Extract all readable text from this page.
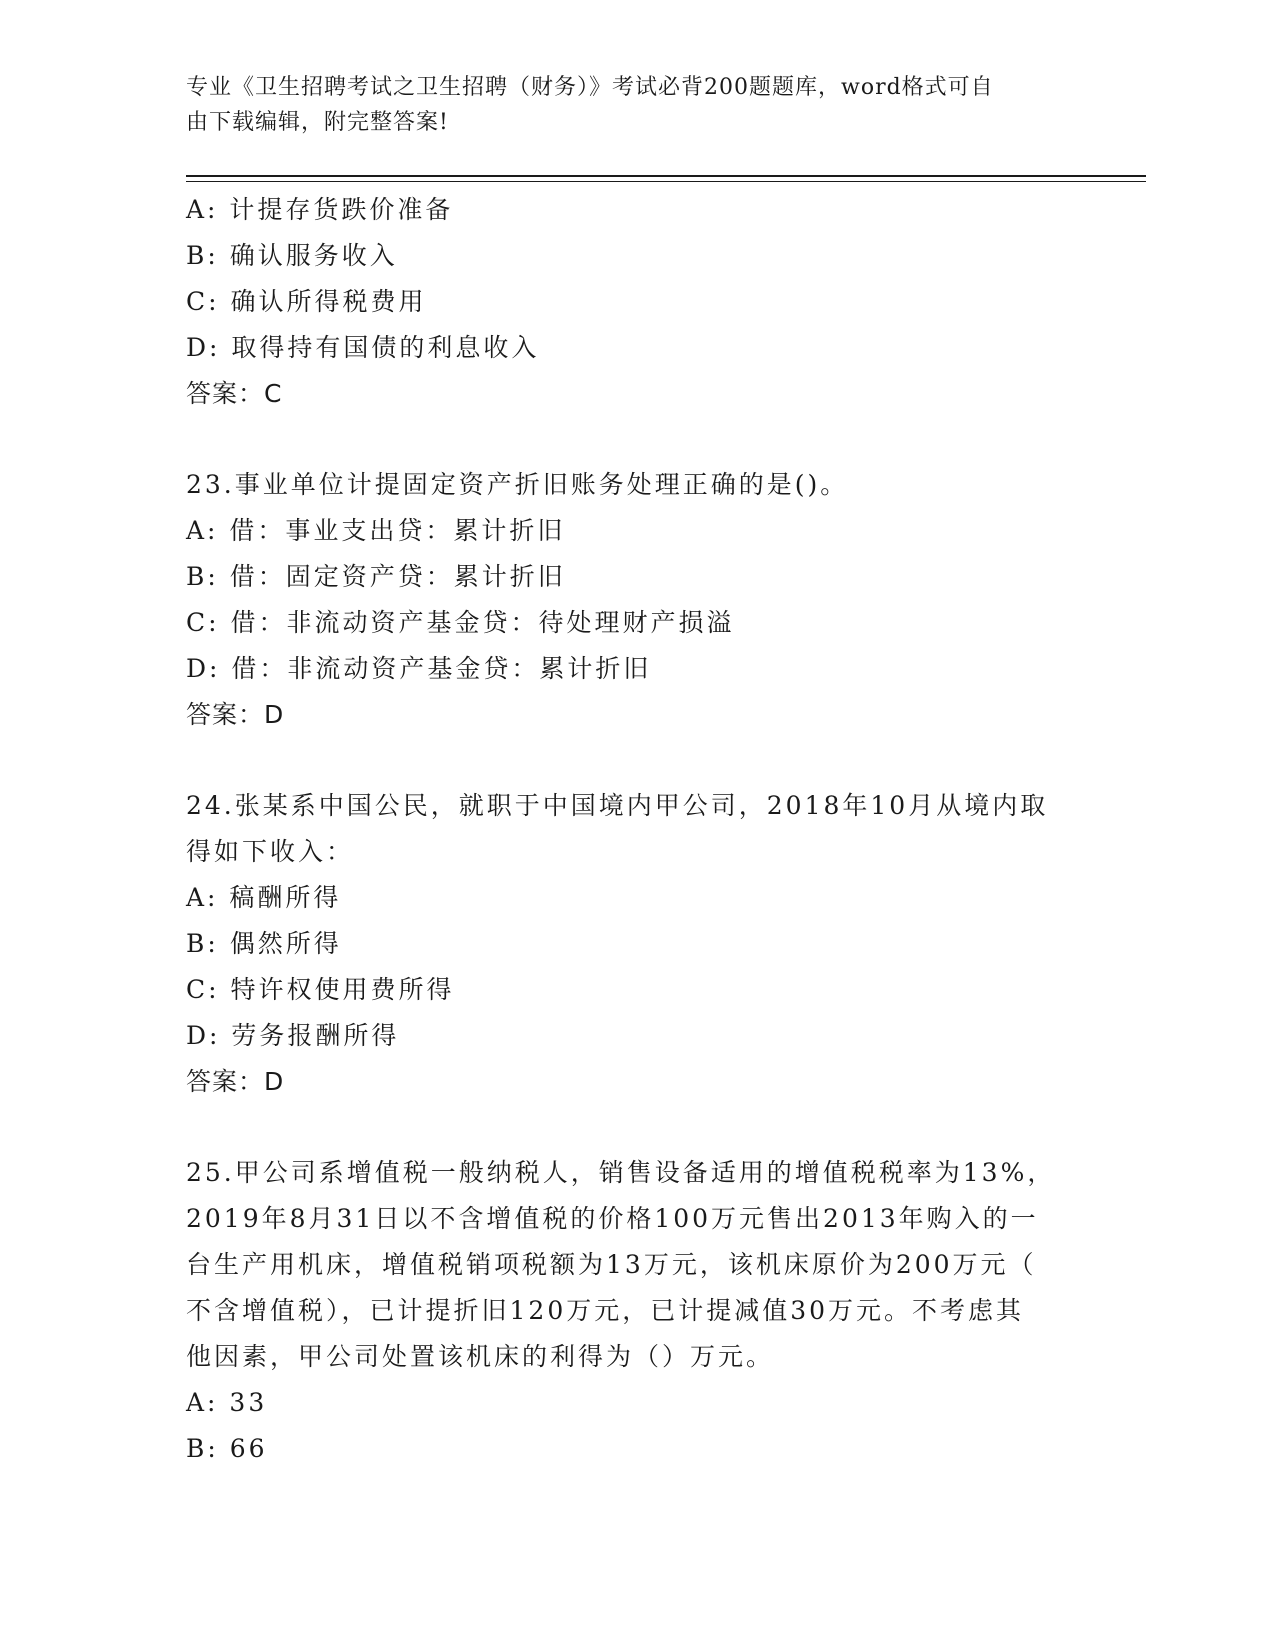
专业《卫生招聘考试之卫生招聘（财务）》考试必背200题题库，word格式可自
由下载编辑，附完整答案!
A: 计提存货跌价准备
B: 确认服务收入
C: 确认所得税费用
D: 取得持有国债的利息收入
答案：C
23.事业单位计提固定资产折旧账务处理正确的是()。
A: 借：事业支出贷：累计折旧
B: 借：固定资产贷：累计折旧
C: 借：非流动资产基金贷：待处理财产损溢
D: 借：非流动资产基金贷：累计折旧
答案：D
24.张某系中国公民，就职于中国境内甲公司，2018年10月从境内取
得如下收入：
A: 稿酬所得
B: 偶然所得
C: 特许权使用费所得
D: 劳务报酬所得
答案：D
25.甲公司系增值税一般纳税人，销售设备适用的增值税税率为13%，
2019年8月31日以不含增值税的价格100万元售出2013年购入的一
台生产用机床，增值税销项税额为13万元，该机床原价为200万元（
不含增值税），已计提折旧120万元，已计提减值30万元。不考虑其
他因素，甲公司处置该机床的利得为（）万元。
A: 33
B: 66
